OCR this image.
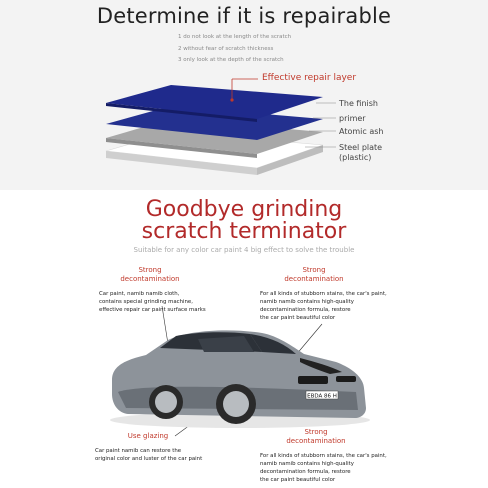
Determine if it is repairable
1 do not look at the length of the scratch
2 without fear of scratch thickness
3 only look at the depth of the scratch
EBDA 86 H
Effective repair layer
The finish
primer
Atomic ash
Steel plate
(plastic)
Goodbye grinding
scratch terminator
Suitable for any color car paint 4 big effect to solve the trouble
Strong
decontamination
Car paint, namib namib cloth,
contains special grinding machine,
effective repair car paint surface marks
Strong
decontamination
For all kinds of stubborn stains, the car's paint,
namib namib contains high-quality
decontamination formula, restore
the car paint beautiful color
Use glazing
Car paint namib can restore the
original color and luster of the car paint
Strong
decontamination
For all kinds of stubborn stains, the car's paint,
namib namib contains high-quality
decontamination formula, restore
the car paint beautiful color
